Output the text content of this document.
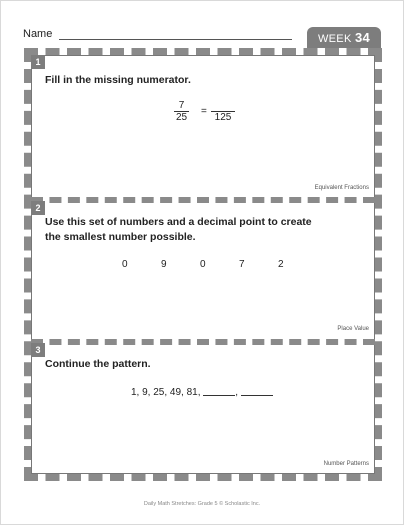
Name	WEEK 34
1
Fill in the missing numerator.
$\frac{7}{25}$ =
125
Equivalent Fractions
2
Use this set of numbers and a decimal point to create
the smallest number possible.
0	9	0	7	2
Place Value
3
Continue the pattern.
1, 9, 25, 49, 81,	,
Number Patterns
Daily Math Stretches: Grade 5 © Scholastic Inc.
